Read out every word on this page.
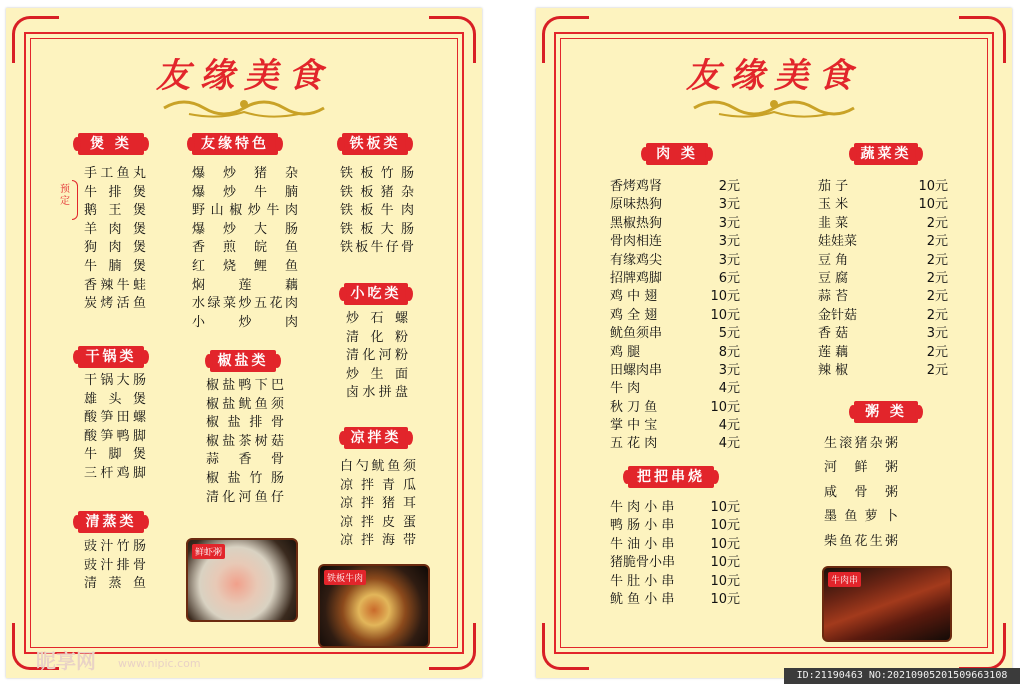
友缘美食
煲 类
手工鱼丸
牛 排 煲
鹅 王 煲
羊 肉 煲
狗 肉 煲
牛 腩 煲
香辣牛蛙
炭烤活鱼
预定
干锅类
干锅大肠
雄 头 煲
酸笋田螺
酸笋鸭脚
牛 脚 煲
三杆鸡脚
清蒸类
豉汁竹肠
豉汁排骨
清 蒸 鱼
友缘特色
爆 炒 猪 杂
爆 炒 牛 腩
野山椒炒牛肉
爆 炒 大 肠
香 煎 皖 鱼
红 烧 鲤 鱼
焖 莲 藕
水绿菜炒五花肉
小 炒 肉
椒盐类
椒盐鸭下巴
椒盐鱿鱼须
椒 盐 排 骨
椒盐茶树菇
蒜 香 骨
椒 盐 竹 肠
清化河鱼仔
鲜虾粥
铁板类
铁板竹肠
铁板猪杂
铁板牛肉
铁板大肠
铁板牛仔骨
小吃类
炒 石 螺
清 化 粉
清化河粉
炒 生 面
卤水拼盘
凉拌类
白勺鱿鱼须
凉 拌 青 瓜
凉 拌 猪 耳
凉 拌 皮 蛋
凉 拌 海 带
铁板牛肉
昵享网 www.nipic.com
友缘美食
肉 类
香烤鸡肾	2元
原味热狗	3元
黑椒热狗	3元
骨肉相连	3元
有缘鸡尖	3元
招牌鸡脚	6元
鸡 中 翅	10元
鸡 全 翅	10元
鱿鱼须串	5元
鸡 腿	8元
田螺肉串	3元
牛 肉	4元
秋 刀 鱼	10元
掌 中 宝	4元
五 花 肉	4元
把把串烧
牛 肉 小 串	10元
鸭 肠 小 串	10元
牛 油 小 串	10元
猪脆骨小串	10元
牛 肚 小 串	10元
鱿 鱼 小 串	10元
蔬菜类
茄 子	10元
玉 米	10元
韭 菜	2元
娃娃菜	2元
豆 角	2元
豆 腐	2元
蒜 苔	2元
金针菇	2元
香 菇	3元
莲 藕	2元
辣 椒	2元
粥 类
生滚猪杂粥
河 鲜 粥
咸 骨 粥
墨 鱼 萝 卜
柴鱼花生粥
牛肉串
ID:21190463 NO:20210905201509663108
